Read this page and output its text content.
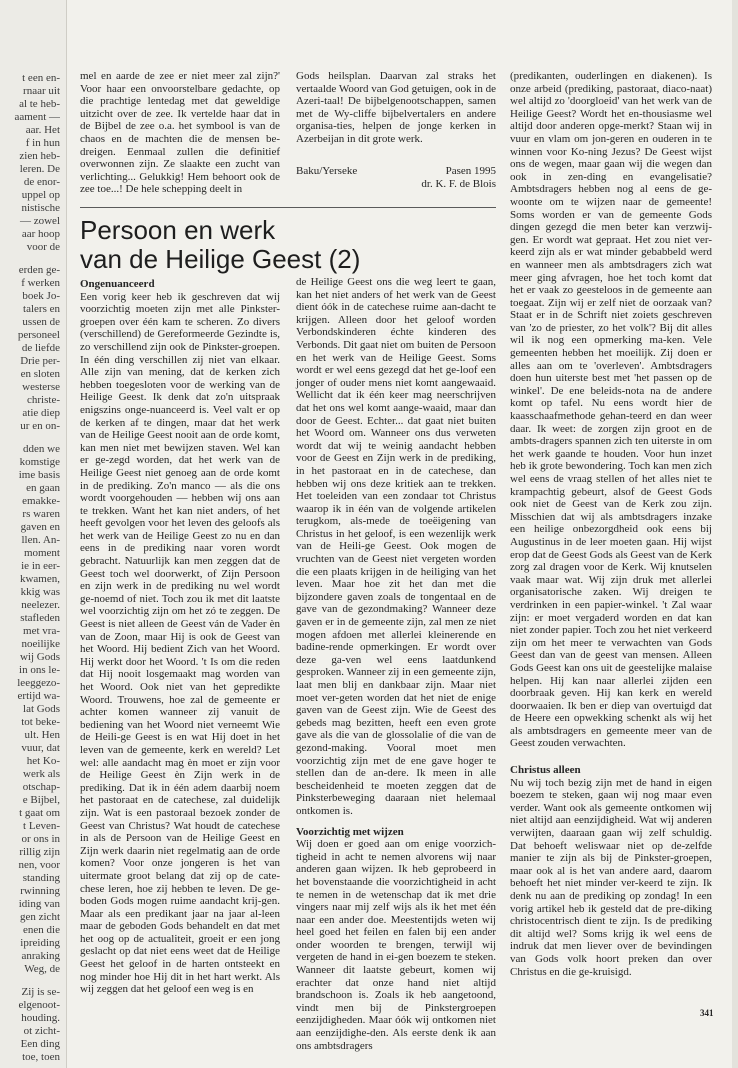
t een en-
rnaar uit
al te heb-
aament —
aar. Het
f in hun
zien heb-
leren. De
de enor-
uppel op
nistische
— zowel
aar hoop
voor de
erden ge-
f werken
boek Jo-
talers en
ussen de
personeel
de liefde
Drie per-
en sloten
westerse
christe-
atie diep
ur en on-
dden we
komstige
ime basis
en gaan
emakke-
rs waren
gaven en
llen. An-
moment
ie in eer-
kwamen,
kkig was
neelezer.
stafleden
met vra-
noeilijke
wij Gods
in ons le-
leeggezo-
ertijd wa-
lat Gods
tot beke-
ult. Hen
vuur, dat
het Ko-
werk als
otschap-
e Bijbel,
t gaat om
t Leven-
or ons in
rillig zijn
nen, voor
standing
rwinning
iding van
gen zicht
enen die
ipreiding
anraking
Weg, de
Zij is se-
elgenoot-
houding.
ot zicht-
Een ding
toe, toen

mel en aarde de zee er niet meer zal zijn?' Voor haar een onvoorstelbare gedachte, op die prachtige lentedag met dat geweldige uitzicht over de zee. Ik vertelde haar dat in de Bijbel de zee o.a. het symbool is van de chaos en de machten die de mensen be-dreigen. Eenmaal zullen die definitief overwonnen zijn. Ze slaakte een zucht van verlichting... Gelukkig! Hem behoort ook de zee toe...! De hele schepping deelt in

Gods heilsplan. Daarvan zal straks het vertaalde Woord van God getuigen, ook in de Azeri-taal! De bijbelgenootschappen, samen met de Wy-cliffe bijbelvertalers en andere organisa-ties, helpen de jonge kerken in Azerbeijan in dit grote werk.

Baku/Yerseke	Pasen 1995
dr. K. F. de Blois
Persoon en werk
van de Heilige Geest (2)
Ongenuanceerd

Een vorig keer heb ik geschreven dat wij voorzichtig moeten zijn met alle Pinkster-groepen over één kam te scheren. Zo divers (verschillend) de Gereformeerde Gezindte is, zo verschillend zijn ook de Pinkster-groepen. In één ding verschillen zij niet van elkaar. Alle zijn van mening, dat de kerken zich hebben toegesloten voor de werking van de Heilige Geest. Ik denk dat zo'n uitspraak enigszins onge-nuanceerd is. Veel valt er op de kerken af te dingen, maar dat het werk van de Heilige Geest nooit aan de orde komt, kan men niet met bewijzen staven. Wel kan er ge-zegd worden, dat het werk van de Heilige Geest niet genoeg aan de orde komt in de prediking. Zo'n manco — als die ons wordt voorgehouden — hebben wij ons aan te trekken. Want het kan niet anders, of het heeft gevolgen voor het leven des geloofs als het werk van de Heilige Geest zo nu en dan eens in de prediking naar voren wordt gebracht. Natuurlijk kan men zeggen dat de Geest toch wel doorwerkt, of Zijn Persoon en zijn werk in de prediking nu wel wordt ge-noemd of niet. Toch zou ik met dit laatste wel voorzichtig zijn om het zó te zeggen. De Geest is niet alleen de Geest ván de Vader èn van de Zoon, maar Hij is ook de Geest van het Woord. Hij bedient Zich van het Woord. Hij werkt door het Woord. 't Is om die reden dat Hij nooit losgemaakt mag worden van het Woord. Ook niet van het gepredikte Woord. Trouwens, hoe zal de gemeente er achter komen wanneer zij vanuit de bediening van het Woord niet verneemt Wie de Heili-ge Geest is en wat Hij doet in het leven van de gemeente, kerk en wereld? Let wel: alle aandacht mag èn moet er zijn voor de Heilige Geest èn Zijn werk in de prediking. Dat ik in één adem daarbij noem het pastoraat en de catechese, zal duidelijk zijn. Wat is een pastoraal bezoek zonder de Geest van Christus? Wat houdt de catechese in als de Persoon van de Heilige Geest en Zijn werk daarin niet regelmatig aan de orde komen? Voor onze jongeren is het van uitermate groot belang dat zij op de cate-chese leren, hoe zij hebben te leven. De ge-boden Gods mogen ruime aandacht krij-gen. Maar als een predikant jaar na jaar al-leen maar de geboden Gods behandelt en dat met het oog op de actualiteit, groeit er een jong geslacht op dat niet eens weet dat de Heilige Geest het geloof in de harten ontsteekt en nog minder hoe Hij dit in het hart werkt. Als wij zeggen dat het geloof een weg is en

de Heilige Geest ons die weg leert te gaan, kan het niet anders of het werk van de Geest dient óók in de catechese ruime aan-dacht te krijgen. Alleen door het geloof worden Verbondskinderen échte kinderen des Verbonds. Dit gaat niet om buiten de Persoon en het werk van de Heilige Geest. Soms wordt er wel eens gezegd dat het ge-loof een jonger of ouder mens niet komt aangewaaid. Wellicht dat ik één keer mag neerschrijven dat het ons wel komt aange-waaid, maar dan door de Geest. Echter... dat gaat niet buiten het Woord om. Wanneer ons dus verweten wordt dat wij te weinig aandacht hebben voor de Geest en Zijn werk in de prediking, in het pastoraat en in de catechese, dan hebben wij ons deze kritiek aan te trekken. Het toeleiden van een zondaar tot Christus waarop ik in één van de volgende artikelen terugkom, als-mede de toeëigening van Christus in het geloof, is een wezenlijk werk van de Heili-ge Geest. Ook mogen de vruchten van de Geest niet vergeten worden die een plaats krijgen in de heiliging van het leven. Maar hoe zit het dan met die bijzondere gaven zoals de tongentaal en de gave van de gezondmaking? Wanneer deze gaven er in de gemeente zijn, zal men ze niet mogen afdoen met allerlei kleinerende en badine-rende opmerkingen. Er wordt over deze ga-ven wel eens laatdunkend gesproken. Wanneer zij in een gemeente zijn, laat men blij en dankbaar zijn. Maar niet moet ver-geten worden dat het niet de enige gaven van de Geest zijn. Wie de Geest des gebeds mag bezitten, heeft een even grote gave als die van de glossolalie of die van de gezond-making. Vooral moet men voorzichtig zijn met de ene gave hoger te stellen dan de an-dere. Ik meen in alle bescheidenheid te moeten zeggen dat de Pinksterbeweging daaraan niet helemaal ontkomen is.

Voorzichtig met wijzen

Wij doen er goed aan om enige voorzich-tigheid in acht te nemen alvorens wij naar anderen gaan wijzen. Ik heb geprobeerd in het bovenstaande die voorzichtigheid in acht te nemen in de wetenschap dat ik met drie vingers naar mij zelf wijs als ik het met één naar een ander doe. Meestentijds weten wij heel goed het feilen en falen bij een ander onder woorden te brengen, terwijl wij vergeten de hand in ei-gen boezem te steken. Wanneer dit laatste gebeurt, komen wij erachter dat onze hand niet altijd brandschoon is. Zoals ik heb aangetoond, vindt men bij de Pinkstergroepen eenzijdigheden. Maar óók wij ontkomen niet aan eenzijdighe-den. Als eerste denk ik aan ons ambtsdragers

(predikanten, ouderlingen en diakenen). Is onze arbeid (prediking, pastoraat, diaco-naat) wel altijd zo 'doorgloeid' van het werk van de Heilige Geest? Wordt het en-thousiasme wel altijd door anderen opge-merkt? Staan wij in vuur en vlam om jon-geren en ouderen in te winnen voor Ko-ning Jezus? De Geest wijst ons de wegen, maar gaan wij die wegen dan ook in zen-ding en evangelisatie? Ambtsdragers hebben nog al eens de ge-woonte om te wijzen naar de gemeente! Soms worden er van de gemeente Gods dingen gezegd die men beter kan verzwij-gen. Er wordt wat gepraat. Het zou niet ver-keerd zijn als er wat minder gebabbeld werd en wanneer men als ambtsdragers zich wat meer ging afvragen, hoe het toch komt dat het er vaak zo geesteloos in de gemeente aan toegaat. Zijn wij er zelf niet de oorzaak van? Staat er in de Schrift niet zoiets geschreven van 'zo de priester, zo het volk'? Bij dit alles wil ik nog een opmerking ma-ken. Vele gemeenten hebben het moeilijk. Zij doen er alles aan om te 'overleven'. Ambtsdragers doen hun uiterste best met 'het passen op de winkel'. De ene beleids-nota na de andere komt op tafel. Nu eens wordt hier de kaasschaafmethode gehan-teerd en dan weer daar. Ik weet: de zorgen zijn groot en de ambts-dragers spannen zich ten uiterste in om het werk gaande te houden. Voor hun inzet heb ik grote bewondering. Toch kan men zich wel eens de vraag stellen of het alles niet te krampachtig gebeurt, alsof de Geest Gods ook niet de Geest van de Kerk zou zijn. Misschien dat wij als ambtsdragers inzake een heilige onbezorgdheid ook eens bij Augustinus in de leer moeten gaan. Hij wijst erop dat de Geest Gods als Geest van de Kerk zorg zal dragen voor de Kerk. Wij knutselen vaak maar wat. Wij zijn druk met allerlei organisatorische zaken. Wij dreigen te verdrinken in een papier-winkel. 't Zal waar zijn: er moet vergaderd worden en dat kan niet zonder papier. Toch zou het niet verkeerd zijn om het meer te verwachten van Gods Geest dan van de geest van mensen. Alleen Gods Geest kan ons uit de geestelijke malaise helpen. Hij kan naar allerlei zijden een doorbraak geven. Hij kan kerk en wereld doorwaaien. Ik ben er diep van overtuigd dat de Heere een opwekking schenkt als wij het als ambtsdragers en gemeente meer van de Geest zouden verwachten.

Christus alleen

Nu wij toch bezig zijn met de hand in eigen boezem te steken, gaan wij nog maar even verder. Want ook als gemeente ontkomen wij niet altijd aan eenzijdigheid. Wat wij anderen verwijten, daaraan gaan wij zelf schuldig. Dat behoeft weliswaar niet op de-zelfde manier te zijn als bij de Pinkster-groepen, maar ook al is het van andere aard, daarom behoeft het niet minder ver-keerd te zijn. Ik denk nu aan de prediking op zondag! In een vorig artikel heb ik gesteld dat de pre-diking christocentrisch dient te zijn. Is de prediking dit altijd wel? Soms krijg ik wel eens de indruk dat men liever over de bevindingen van Gods volk hoort preken dan over Christus en die ge-kruisigd.

341
